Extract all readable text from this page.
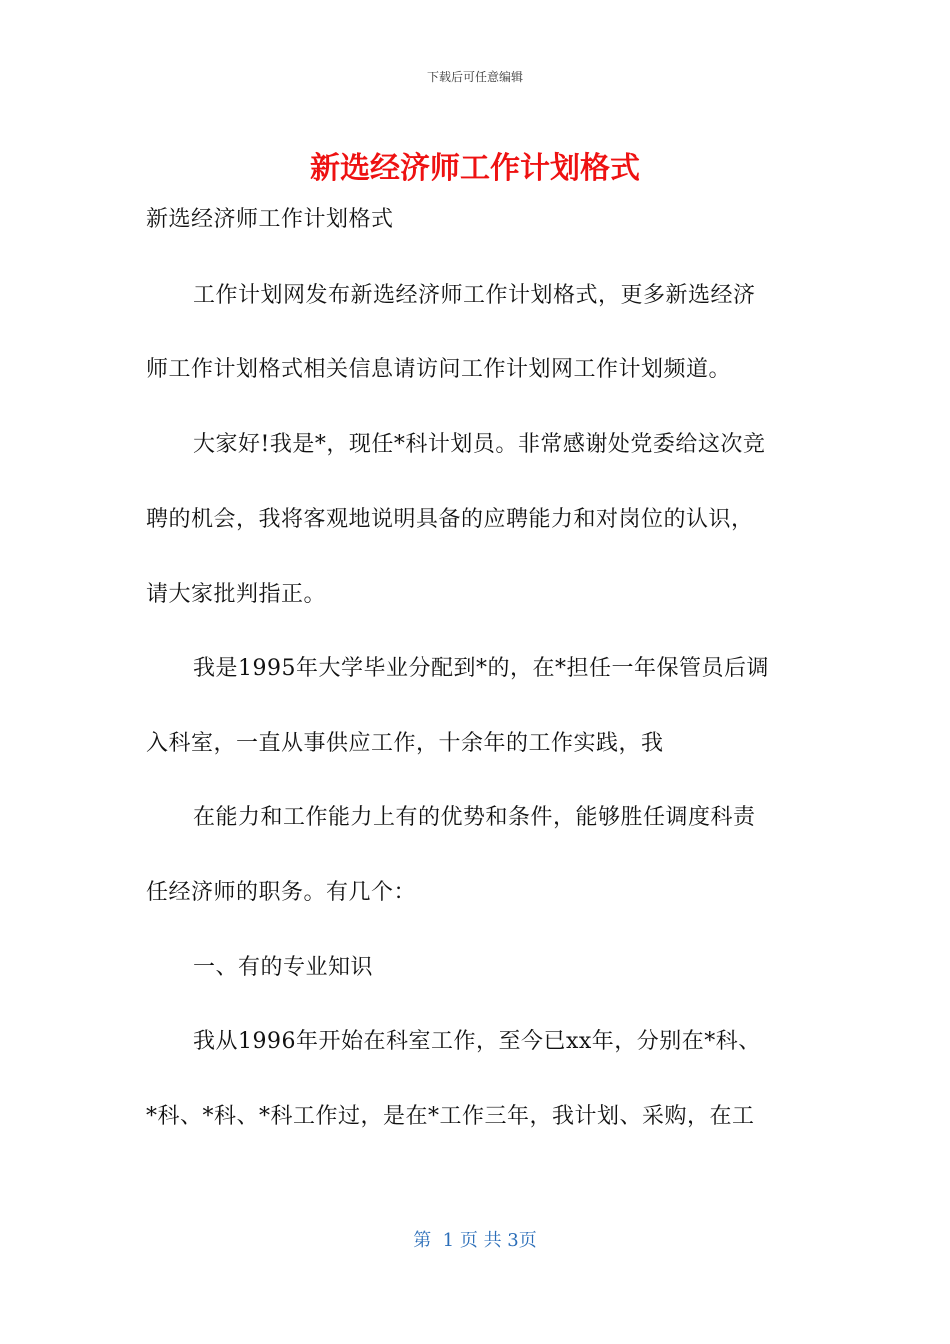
下载后可任意编辑
新选经济师工作计划格式
新选经济师工作计划格式
工作计划网发布新选经济师工作计划格式，更多新选经济
师工作计划格式相关信息请访问工作计划网工作计划频道。
大家好!我是*，现任*科计划员。非常感谢处党委给这次竞
聘的机会，我将客观地说明具备的应聘能力和对岗位的认识，
请大家批判指正。
我是1995年大学毕业分配到*的，在*担任一年保管员后调
入科室，一直从事供应工作，十余年的工作实践，我
在能力和工作能力上有的优势和条件，能够胜任调度科责
任经济师的职务。有几个：
一、有的专业知识
我从1996年开始在科室工作，至今已xx年，分别在*科、
*科、*科、*科工作过，是在*工作三年，我计划、采购，在工
第  1 页 共 3页
